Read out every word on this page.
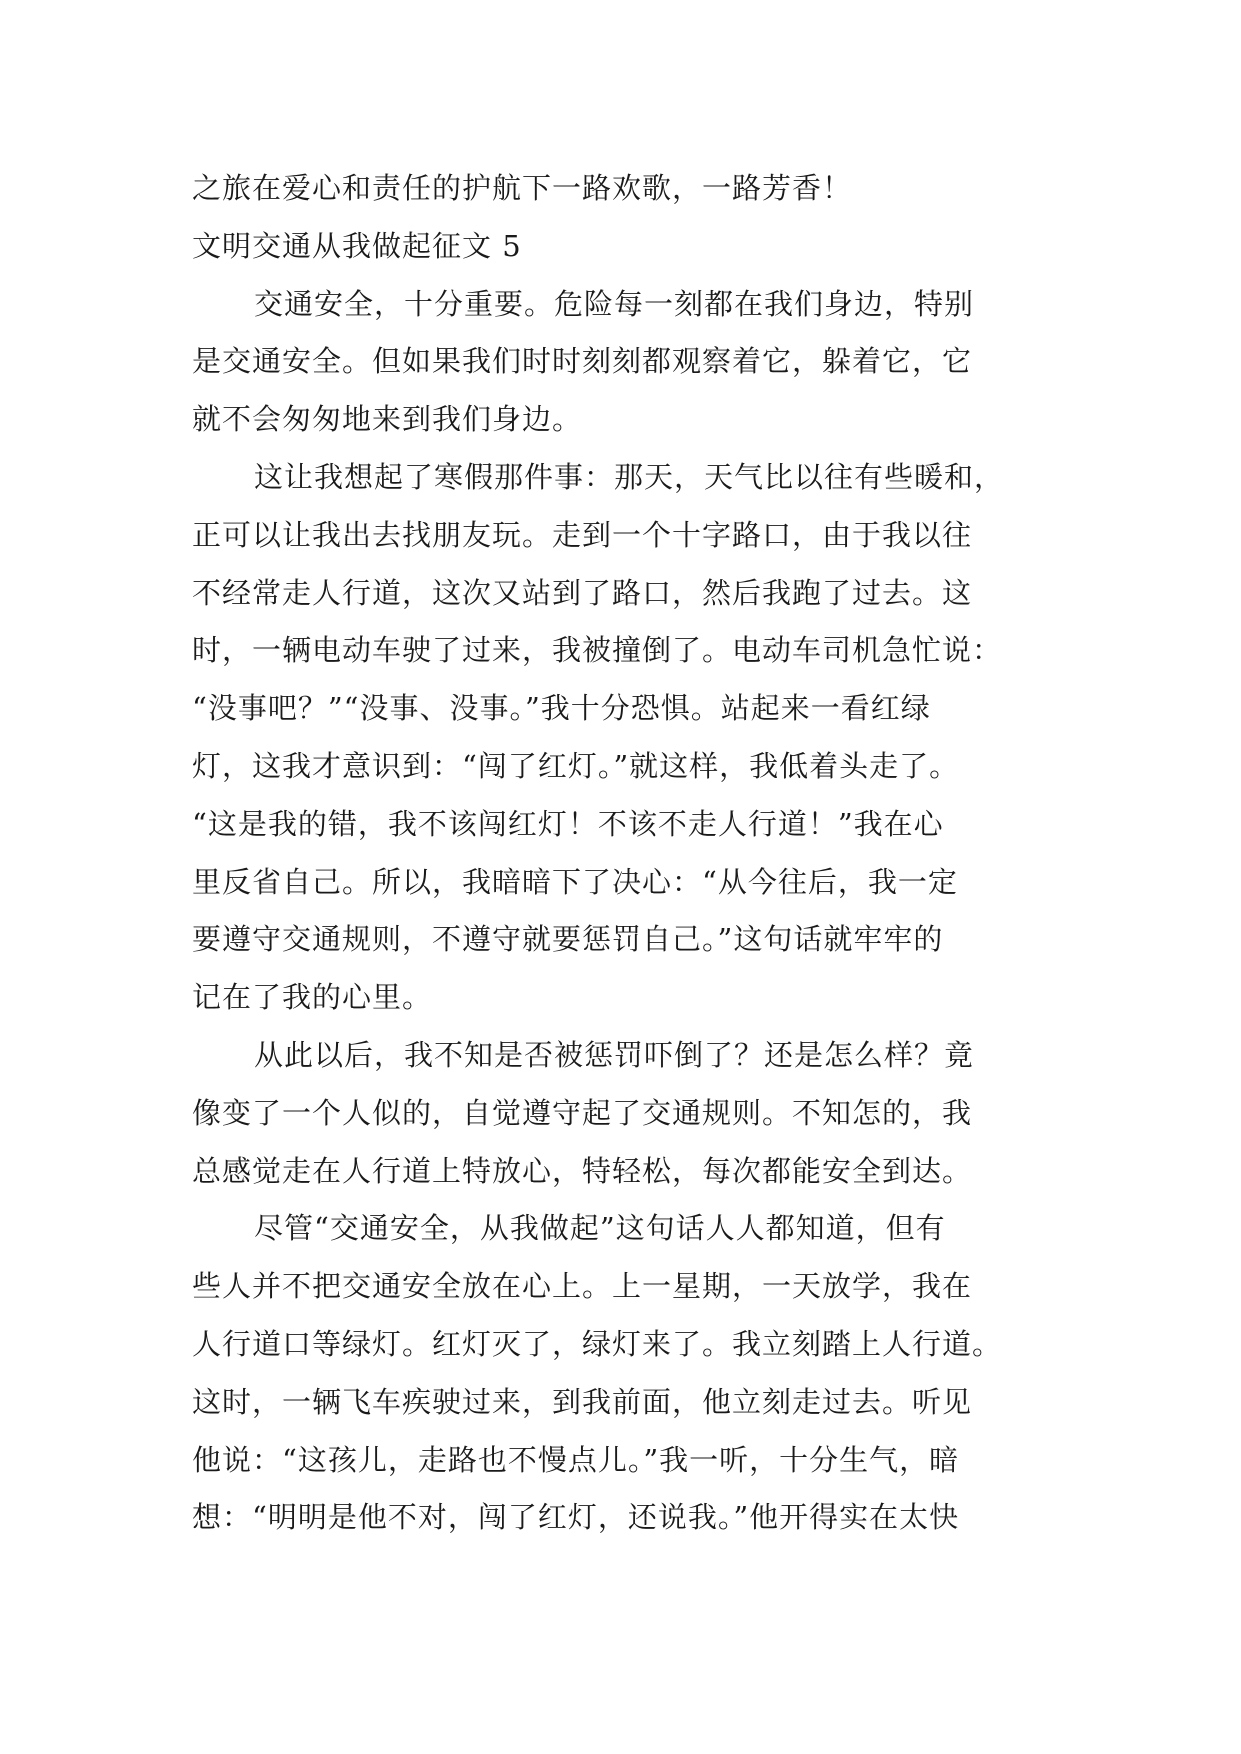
之旅在爱心和责任的护航下一路欢歌，一路芳香！
文明交通从我做起征文 5
交通安全，十分重要。危险每一刻都在我们身边，特别
是交通安全。但如果我们时时刻刻都观察着它，躲着它，它
就不会匆匆地来到我们身边。
这让我想起了寒假那件事：那天，天气比以往有些暖和，
正可以让我出去找朋友玩。走到一个十字路口，由于我以往
不经常走人行道，这次又站到了路口，然后我跑了过去。这
时，一辆电动车驶了过来，我被撞倒了。电动车司机急忙说：
“没事吧？”“没事、没事。”我十分恐惧。站起来一看红绿
灯，这我才意识到：“闯了红灯。”就这样，我低着头走了。
“这是我的错，我不该闯红灯！不该不走人行道！”我在心
里反省自己。所以，我暗暗下了决心：“从今往后，我一定
要遵守交通规则，不遵守就要惩罚自己。”这句话就牢牢的
记在了我的心里。
从此以后，我不知是否被惩罚吓倒了？还是怎么样？竟
像变了一个人似的，自觉遵守起了交通规则。不知怎的，我
总感觉走在人行道上特放心，特轻松，每次都能安全到达。
尽管“交通安全，从我做起”这句话人人都知道，但有
些人并不把交通安全放在心上。上一星期，一天放学，我在
人行道口等绿灯。红灯灭了，绿灯来了。我立刻踏上人行道。
这时，一辆飞车疾驶过来，到我前面，他立刻走过去。听见
他说：“这孩儿，走路也不慢点儿。”我一听，十分生气，暗
想：“明明是他不对，闯了红灯，还说我。”他开得实在太快
